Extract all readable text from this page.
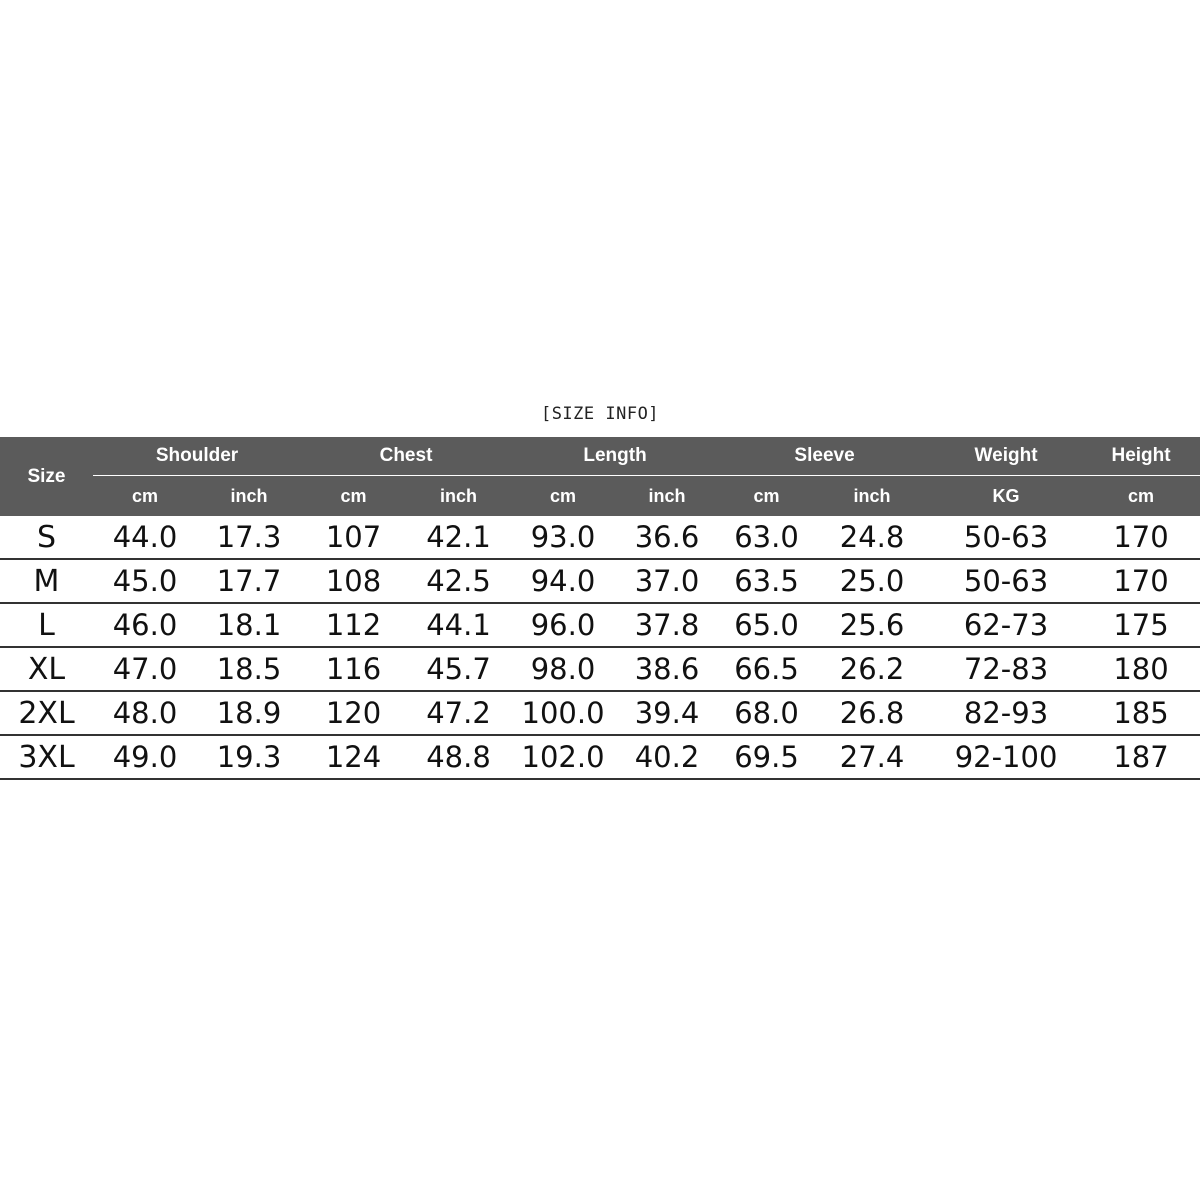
[SIZE INFO]
Size	Shoulder		Chest		Length		Sleeve		Weight	Height
	cm	inch	cm	inch	cm	inch	cm	inch	KG	cm
S	44.0	17.3	107	42.1	93.0	36.6	63.0	24.8	50-63	170
M	45.0	17.7	108	42.5	94.0	37.0	63.5	25.0	50-63	170
L	46.0	18.1	112	44.1	96.0	37.8	65.0	25.6	62-73	175
XL	47.0	18.5	116	45.7	98.0	38.6	66.5	26.2	72-83	180
2XL	48.0	18.9	120	47.2	100.0	39.4	68.0	26.8	82-93	185
3XL	49.0	19.3	124	48.8	102.0	40.2	69.5	27.4	92-100	187
